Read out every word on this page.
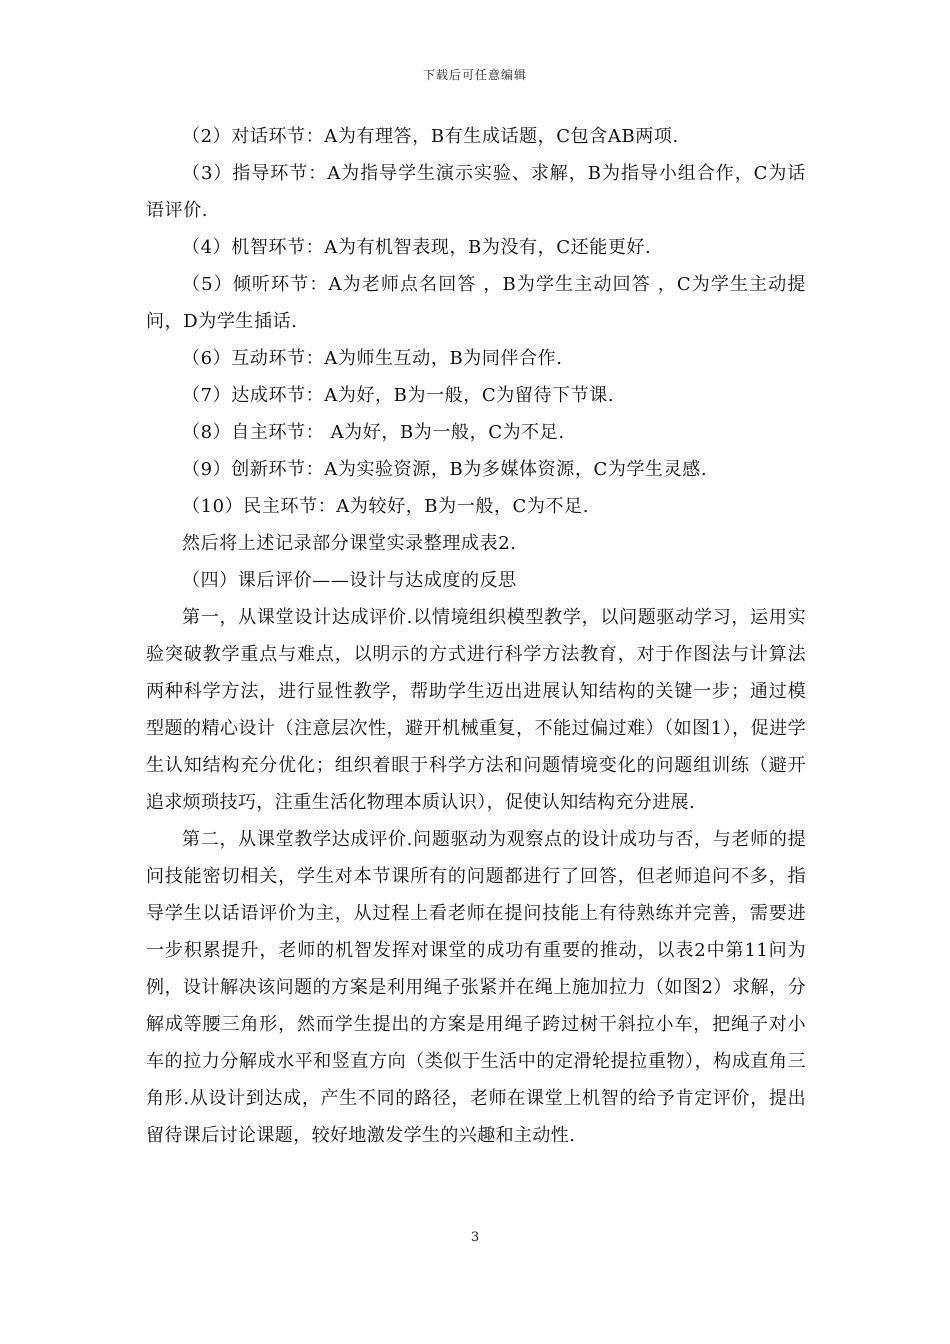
下载后可任意编辑

（2）对话环节：A为有理答，B有生成话题，C包含AB两项.

（3）指导环节：A为指导学生演示实验、求解，B为指导小组合作，C为话语评价.

（4）机智环节：A为有机智表现，B为没有，C还能更好.

（5）倾听环节：A为老师点名回答 ，B为学生主动回答 ，C为学生主动提问，D为学生插话.

（6）互动环节：A为师生互动，B为同伴合作.

（7）达成环节：A为好，B为一般，C为留待下节课.

（8）自主环节： A为好，B为一般，C为不足.

（9）创新环节：A为实验资源，B为多媒体资源，C为学生灵感.

（10）民主环节：A为较好，B为一般，C为不足.

然后将上述记录部分课堂实录整理成表2.

（四）课后评价——设计与达成度的反思

第一，从课堂设计达成评价.以情境组织模型教学，以问题驱动学习，运用实验突破教学重点与难点，以明示的方式进行科学方法教育，对于作图法与计算法两种科学方法，进行显性教学，帮助学生迈出进展认知结构的关键一步；通过模型题的精心设计（注意层次性，避开机械重复，不能过偏过难）（如图1），促进学生认知结构充分优化；组织着眼于科学方法和问题情境变化的问题组训练（避开追求烦琐技巧，注重生活化物理本质认识），促使认知结构充分进展.

第二，从课堂教学达成评价.问题驱动为观察点的设计成功与否，与老师的提问技能密切相关，学生对本节课所有的问题都进行了回答，但老师追问不多，指导学生以话语评价为主，从过程上看老师在提问技能上有待熟练并完善，需要进一步积累提升，老师的机智发挥对课堂的成功有重要的推动，以表2中第11问为例，设计解决该问题的方案是利用绳子张紧并在绳上施加拉力（如图2）求解，分解成等腰三角形，然而学生提出的方案是用绳子跨过树干斜拉小车，把绳子对小车的拉力分解成水平和竖直方向（类似于生活中的定滑轮提拉重物），构成直角三角形.从设计到达成，产生不同的路径，老师在课堂上机智的给予肯定评价，提出留待课后讨论课题，较好地激发学生的兴趣和主动性.

3
